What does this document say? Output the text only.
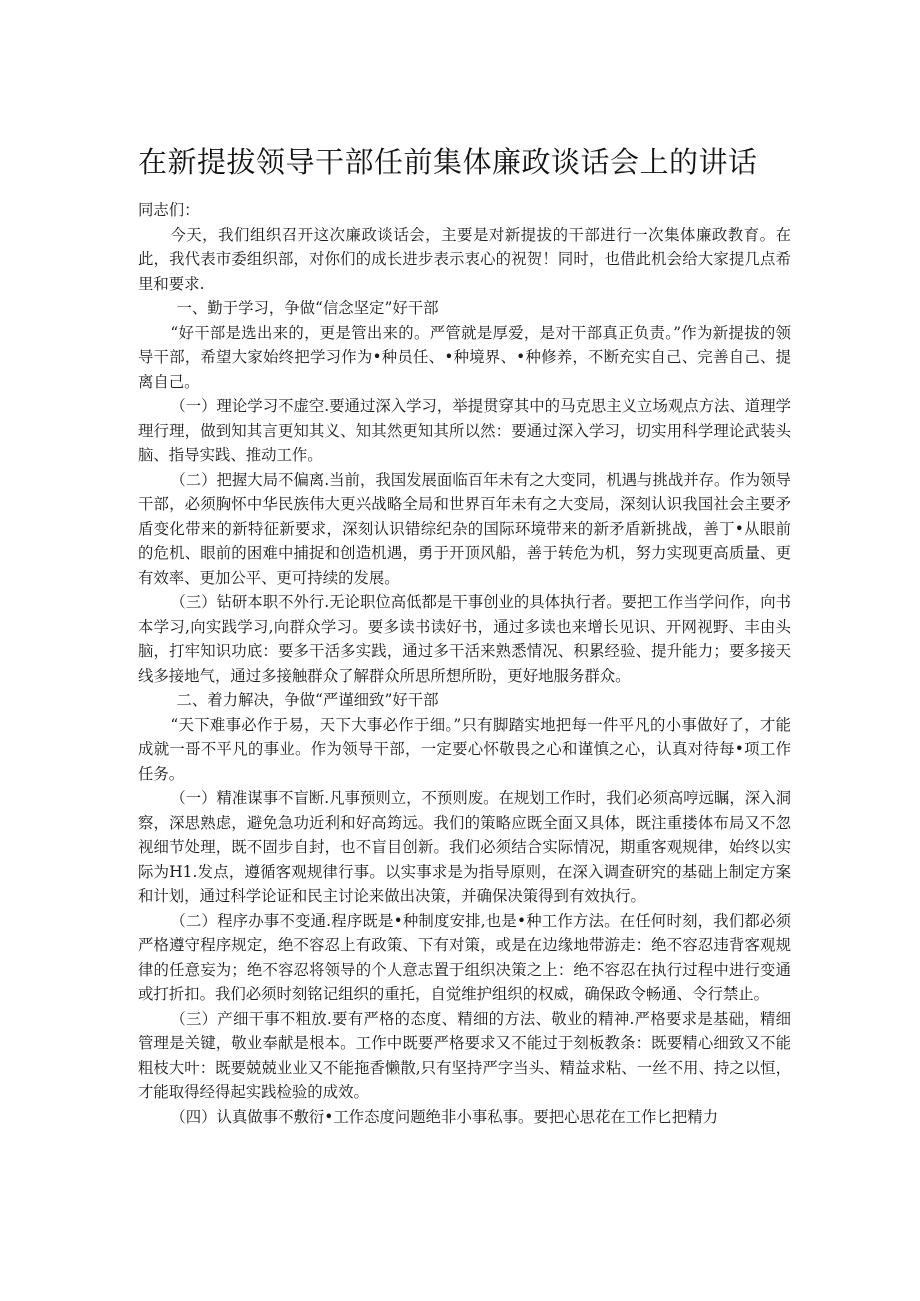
在新提拔领导干部任前集体廉政谈话会上的讲话

同志们：

今天，我们组织召开这次廉政谈话会，主要是对新提拔的干部进行一次集体廉政教育。在此，我代表市委组织部，对你们的成长进步表示衷心的祝贺！同时，也借此机会给大家提几点希里和要求.

一、勤于学习，争做“信念坚定”好干部

“好干部是选出来的，更是管出来的。严管就是厚爱，是对干部真正负责。”作为新提拔的领导干部，希望大家始终把学习作为•种员任、•种境界、•种修养，不断充实自己、完善自己、提离自己。

（一）理论学习不虚空.要通过深入学习，举提贯穿其中的马克思主义立场观点方法、道理学理行理，做到知其言更知其义、知其然更知其所以然：要通过深入学习，切实用科学理论武装头脑、指导实践、推动工作。

（二）把握大局不偏离.当前，我国发展面临百年未有之大变同，机遇与挑战并存。作为领导干部，必须胸怀中华民族伟大更兴战略全局和世界百年未有之大变局，深刻认识我国社会主要矛盾变化带来的新特征新要求，深刻认识错综纪杂的国际环境带来的新矛盾新挑战，善丁•从眼前的危机、眼前的困难中捕捉和创造机遇，勇于开顶风船，善于转危为机，努力实现更高质量、更有效率、更加公平、更可持续的发展。

（三）钻研本职不外行.无论职位高低都是干事创业的具体执行者。要把工作当学问作，向书本学习,向实践学习,向群众学习。要多读书读好书，通过多读也来增长见识、开网视野、丰由头脑，打牢知识功底：要多干活多实践，通过多干活来熟悉情况、积累经验、提升能力；要多接天线多接地气，通过多接触群众了解群众所思所想所盼，更好地服务群众。

二、着力解决，争做“严谨细致”好干部

“天下难事必作于易，天下大事必作于细。”只有脚踏实地把每一件平凡的小事做好了，才能成就一哥不平凡的事业。作为领导干部，一定要心怀敬畏之心和谨慎之心，认真对待每•项工作任务。

（一）精准谋事不盲断.凡事预则立，不预则废。在规划工作时，我们必须高哼远瞩，深入洞察，深思熟虑，避免急功近利和好高筠远。我们的策略应既全面又具体，既注重搂体布局又不忽视细节处理，既不固步自封，也不盲目创新。我们必须结合实际情况，期重客观规律，始终以实际为H1.发点，遵循客观规律行事。以实事求是为指导原则，在深入调查研究的基础上制定方案和计划，通过科学论证和民主讨论来做出决策，并确保决策得到有效执行。

（二）程序办事不变通.程序既是•种制度安排,也是•种工作方法。在任何时刻，我们都必须严格遵守程序规定，绝不容忍上有政策、下有对策，或是在边缘地带游走：绝不容忍违背客观规律的任意妄为；绝不容忍将领导的个人意志置于组织决策之上：绝不容忍在执行过程中进行变通或打折扣。我们必须时刻铭记组织的重托，自觉维护组织的权威，确保政令畅通、令行禁止。

（三）产细干事不粗放.要有严格的态度、精细的方法、敬业的精神.严格要求是基础，精细管理是关键，敬业奉献是根本。工作中既要严格要求又不能过于刻板教条：既要精心细致又不能粗枝大叶：既要兢兢业业又不能拖香懒散,只有坚持严字当头、精益求粘、一丝不用、持之以恒，才能取得经得起实践检验的成效。

（四）认真做事不敷衍•工作态度问题绝非小事私事。要把心思花在工作匕把精力
